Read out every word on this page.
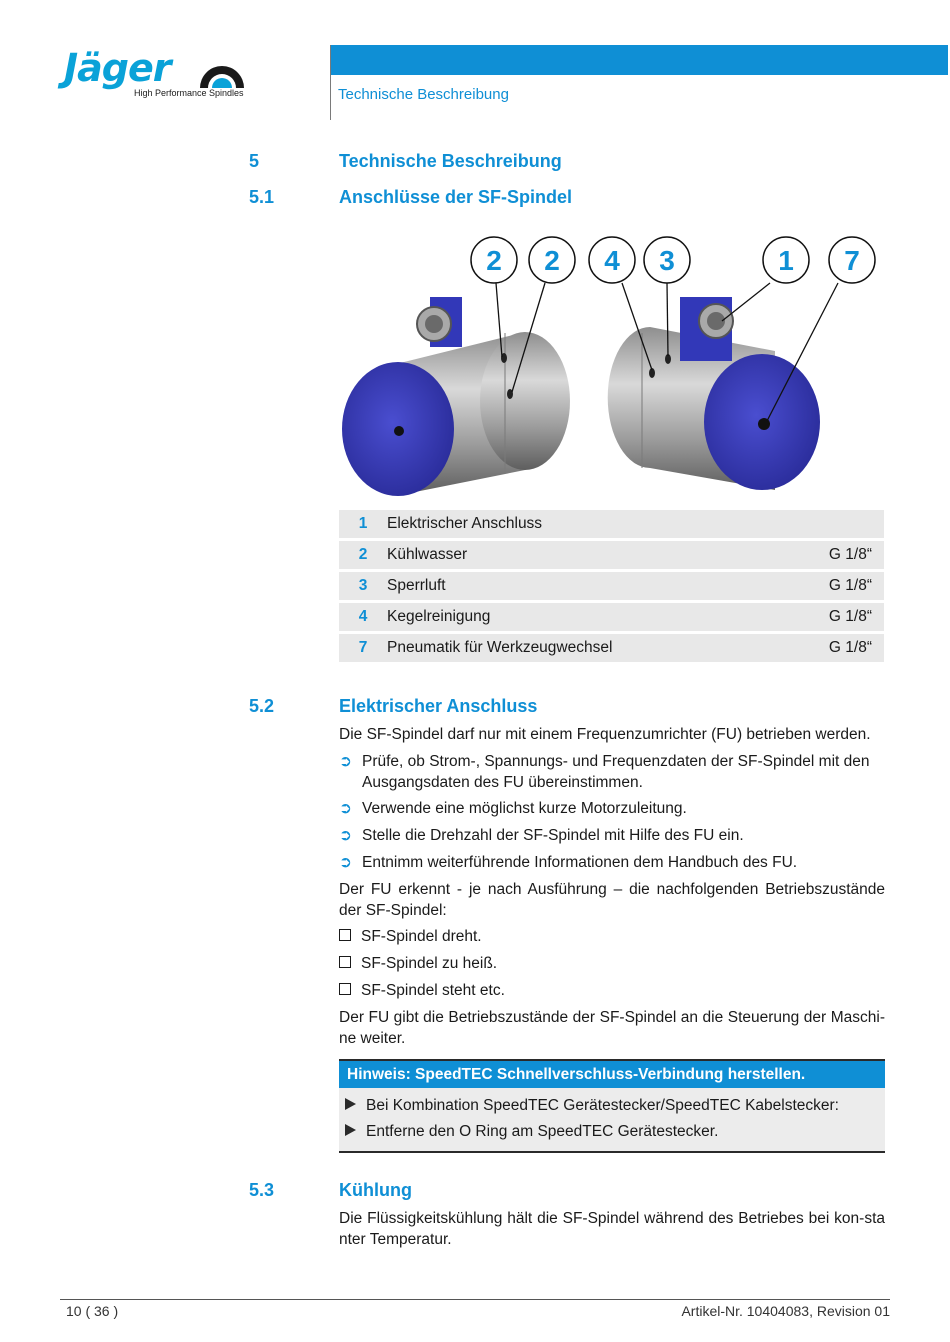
Jäger
High Performance Spindles	Technische Beschreibung
5	Technische Beschreibung
5.1	Anschlüsse der SF-Spindel
2 2 4 3	1 7
1	Elektrischer Anschluss	
2	Kühlwasser	G 1/8“
3	Sperrluft	G 1/8“
4	Kegelreinigung	G 1/8“
7	Pneumatik für Werkzeugwechsel	G 1/8“
5.2	Elektrischer Anschluss
Die SF-Spindel darf nur mit einem Frequenzumrichter (FU) betrieben werden.
➲ Prüfe, ob Strom-, Spannungs- und Frequenzdaten der SF-Spindel mit den Ausgangsdaten des FU übereinstimmen.
➲ Verwende eine möglichst kurze Motorzuleitung.
➲ Stelle die Drehzahl der SF-Spindel mit Hilfe des FU ein.
➲ Entnimm weiterführende Informationen dem Handbuch des FU.
Der FU erkennt - je nach Ausführung – die nachfolgenden Betriebszustände der SF-Spindel:
SF-Spindel dreht.
SF-Spindel zu heiß.
SF-Spindel steht etc.
Der FU gibt die Betriebszustände der SF-Spindel an die Steuerung der Maschi-ne weiter.
Hinweis: SpeedTEC Schnellverschluss-Verbindung herstellen.
Bei Kombination SpeedTEC Gerätestecker/SpeedTEC Kabelstecker:
Entferne den O Ring am SpeedTEC Gerätestecker.
5.3	Kühlung
Die Flüssigkeitskühlung hält die SF-Spindel während des Betriebes bei kon-stanter Temperatur.
10 ( 36 )	Artikel-Nr. 10404083, Revision 01
